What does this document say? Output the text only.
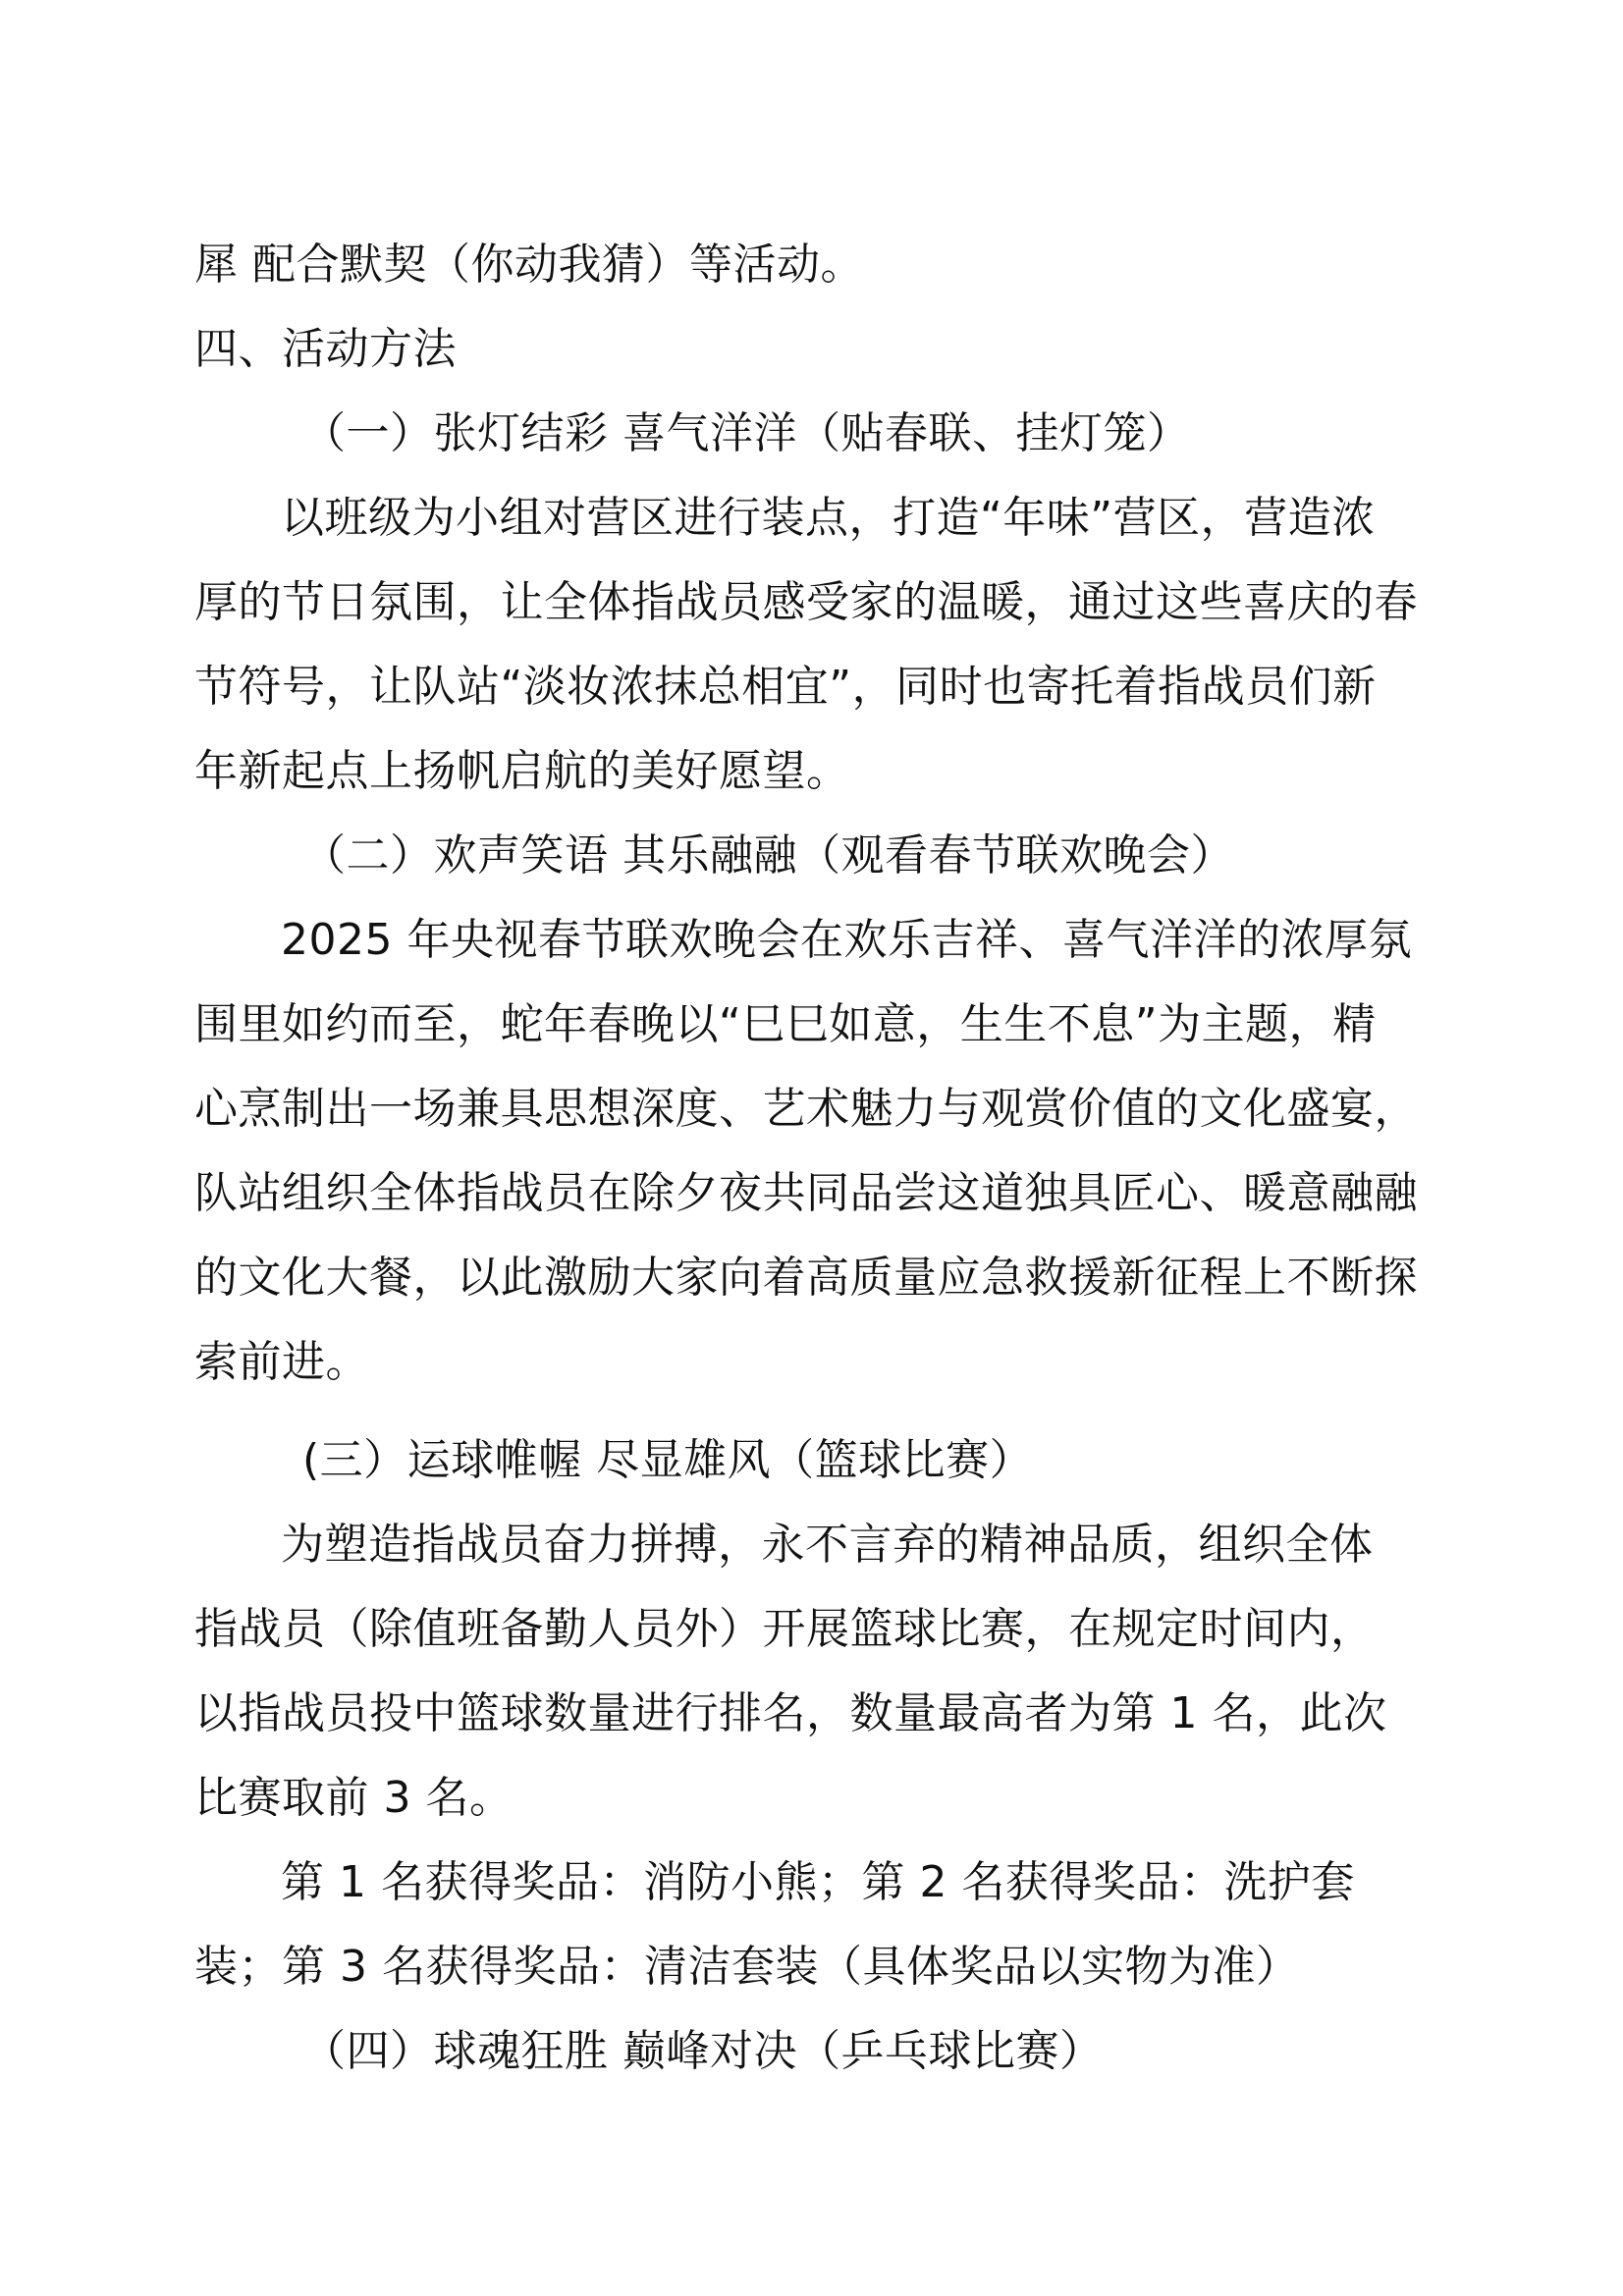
犀 配合默契（你动我猜）等活动。
四、活动方法
（一）张灯结彩 喜气洋洋（贴春联、挂灯笼）
以班级为小组对营区进行装点，打造“年味”营区，营造浓
厚的节日氛围，让全体指战员感受家的温暖，通过这些喜庆的春
节符号，让队站“淡妆浓抹总相宜”，同时也寄托着指战员们新
年新起点上扬帆启航的美好愿望。
（二）欢声笑语 其乐融融（观看春节联欢晚会）
2025 年央视春节联欢晚会在欢乐吉祥、喜气洋洋的浓厚氛
围里如约而至，蛇年春晚以“巳巳如意，生生不息”为主题，精
心烹制出一场兼具思想深度、艺术魅力与观赏价值的文化盛宴，
队站组织全体指战员在除夕夜共同品尝这道独具匠心、暖意融融
的文化大餐，以此激励大家向着高质量应急救援新征程上不断探
索前进。
(三）运球帷幄 尽显雄风（篮球比赛）
为塑造指战员奋力拼搏，永不言弃的精神品质，组织全体
指战员（除值班备勤人员外）开展篮球比赛，在规定时间内，
以指战员投中篮球数量进行排名，数量最高者为第 1 名，此次
比赛取前 3 名。
第 1 名获得奖品：消防小熊；第 2 名获得奖品：洗护套
装；第 3 名获得奖品：清洁套装（具体奖品以实物为准）
（四）球魂狂胜 巅峰对决（乒乓球比赛）
